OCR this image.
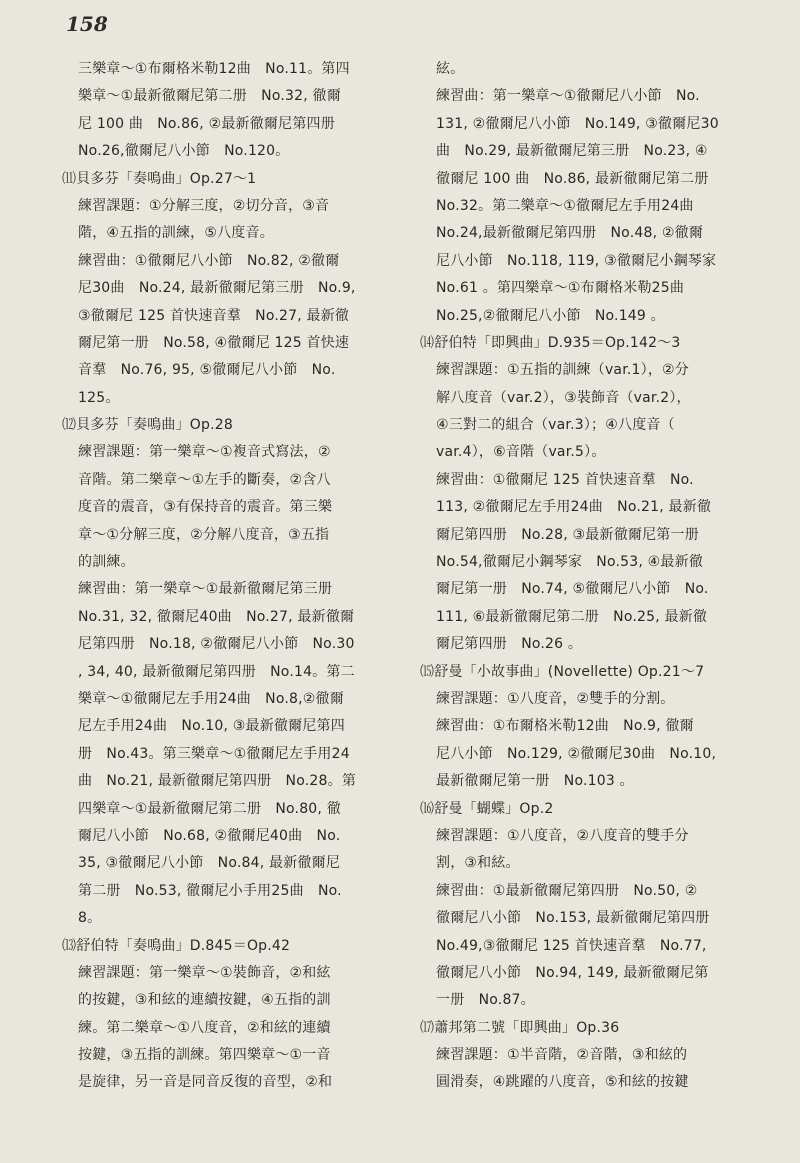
158
三樂章～①布爾格米勒12曲　No.11。第四
樂章～①最新徹爾尼第二册　No.32, 徹爾
尼 100 曲　No.86, ②最新徹爾尼第四册
No.26,徹爾尼八小節　No.120。
⑾貝多芬「奏鳴曲」Op.27～1
練習課題：①分解三度，②切分音，③音
階，④五指的訓練，⑤八度音。
練習曲：①徹爾尼八小節　No.82, ②徹爾
尼30曲　No.24, 最新徹爾尼第三册　No.9,
③徹爾尼 125 首快速音羣　No.27, 最新徹
爾尼第一册　No.58, ④徹爾尼 125 首快速
音羣　No.76, 95, ⑤徹爾尼八小節　No.
125。
⑿貝多芬「奏鳴曲」Op.28
練習課題：第一樂章～①複音式寫法，②
音階。第二樂章～①左手的斷奏，②含八
度音的震音，③有保持音的震音。第三樂
章～①分解三度，②分解八度音，③五指
的訓練。
練習曲：第一樂章～①最新徹爾尼第三册
No.31, 32, 徹爾尼40曲　No.27, 最新徹爾
尼第四册　No.18, ②徹爾尼八小節　No.30
, 34, 40, 最新徹爾尼第四册　No.14。第二
樂章～①徹爾尼左手用24曲　No.8,②徹爾
尼左手用24曲　No.10, ③最新徹爾尼第四
册　No.43。第三樂章～①徹爾尼左手用24
曲　No.21, 最新徹爾尼第四册　No.28。第
四樂章～①最新徹爾尼第二册　No.80, 徹
爾尼八小節　No.68, ②徹爾尼40曲　No.
35, ③徹爾尼八小節　No.84, 最新徹爾尼
第二册　No.53, 徹爾尼小手用25曲　No.
8。
⒀舒伯特「奏鳴曲」D.845＝Op.42
練習課題：第一樂章～①裝飾音，②和絃
的按鍵，③和絃的連續按鍵，④五指的訓
練。第二樂章～①八度音，②和絃的連續
按鍵，③五指的訓練。第四樂章～①一音
是旋律，另一音是同音反復的音型，②和
絃。
練習曲：第一樂章～①徹爾尼八小節　No.
131, ②徹爾尼八小節　No.149, ③徹爾尼30
曲　No.29, 最新徹爾尼第三册　No.23, ④
徹爾尼 100 曲　No.86, 最新徹爾尼第二册
No.32。第二樂章～①徹爾尼左手用24曲
No.24,最新徹爾尼第四册　No.48, ②徹爾
尼八小節　No.118, 119, ③徹爾尼小鋼琴家
No.61 。第四樂章～①布爾格米勒25曲
No.25,②徹爾尼八小節　No.149 。
⒁舒伯特「即興曲」D.935＝Op.142～3
練習課題：①五指的訓練（var.1），②分
解八度音（var.2），③裝飾音（var.2），
④三對二的組合（var.3）；④八度音（
var.4），⑥音階（var.5）。
練習曲：①徹爾尼 125 首快速音羣　No.
113, ②徹爾尼左手用24曲　No.21, 最新徹
爾尼第四册　No.28, ③最新徹爾尼第一册
No.54,徹爾尼小鋼琴家　No.53, ④最新徹
爾尼第一册　No.74, ⑤徹爾尼八小節　No.
111, ⑥最新徹爾尼第二册　No.25, 最新徹
爾尼第四册　No.26 。
⒂舒曼「小故事曲」(Novellette) Op.21～7
練習課題：①八度音，②雙手的分割。
練習曲：①布爾格米勒12曲　No.9, 徹爾
尼八小節　No.129, ②徹爾尼30曲　No.10,
最新徹爾尼第一册　No.103 。
⒃舒曼「蝴蝶」Op.2
練習課題：①八度音，②八度音的雙手分
割，③和絃。
練習曲：①最新徹爾尼第四册　No.50, ②
徹爾尼八小節　No.153, 最新徹爾尼第四册
No.49,③徹爾尼 125 首快速音羣　No.77,
徹爾尼八小節　No.94, 149, 最新徹爾尼第
一册　No.87。
⒄蕭邦第二號「即興曲」Op.36
練習課題：①半音階，②音階，③和絃的
圓滑奏，④跳躍的八度音，⑤和絃的按鍵
